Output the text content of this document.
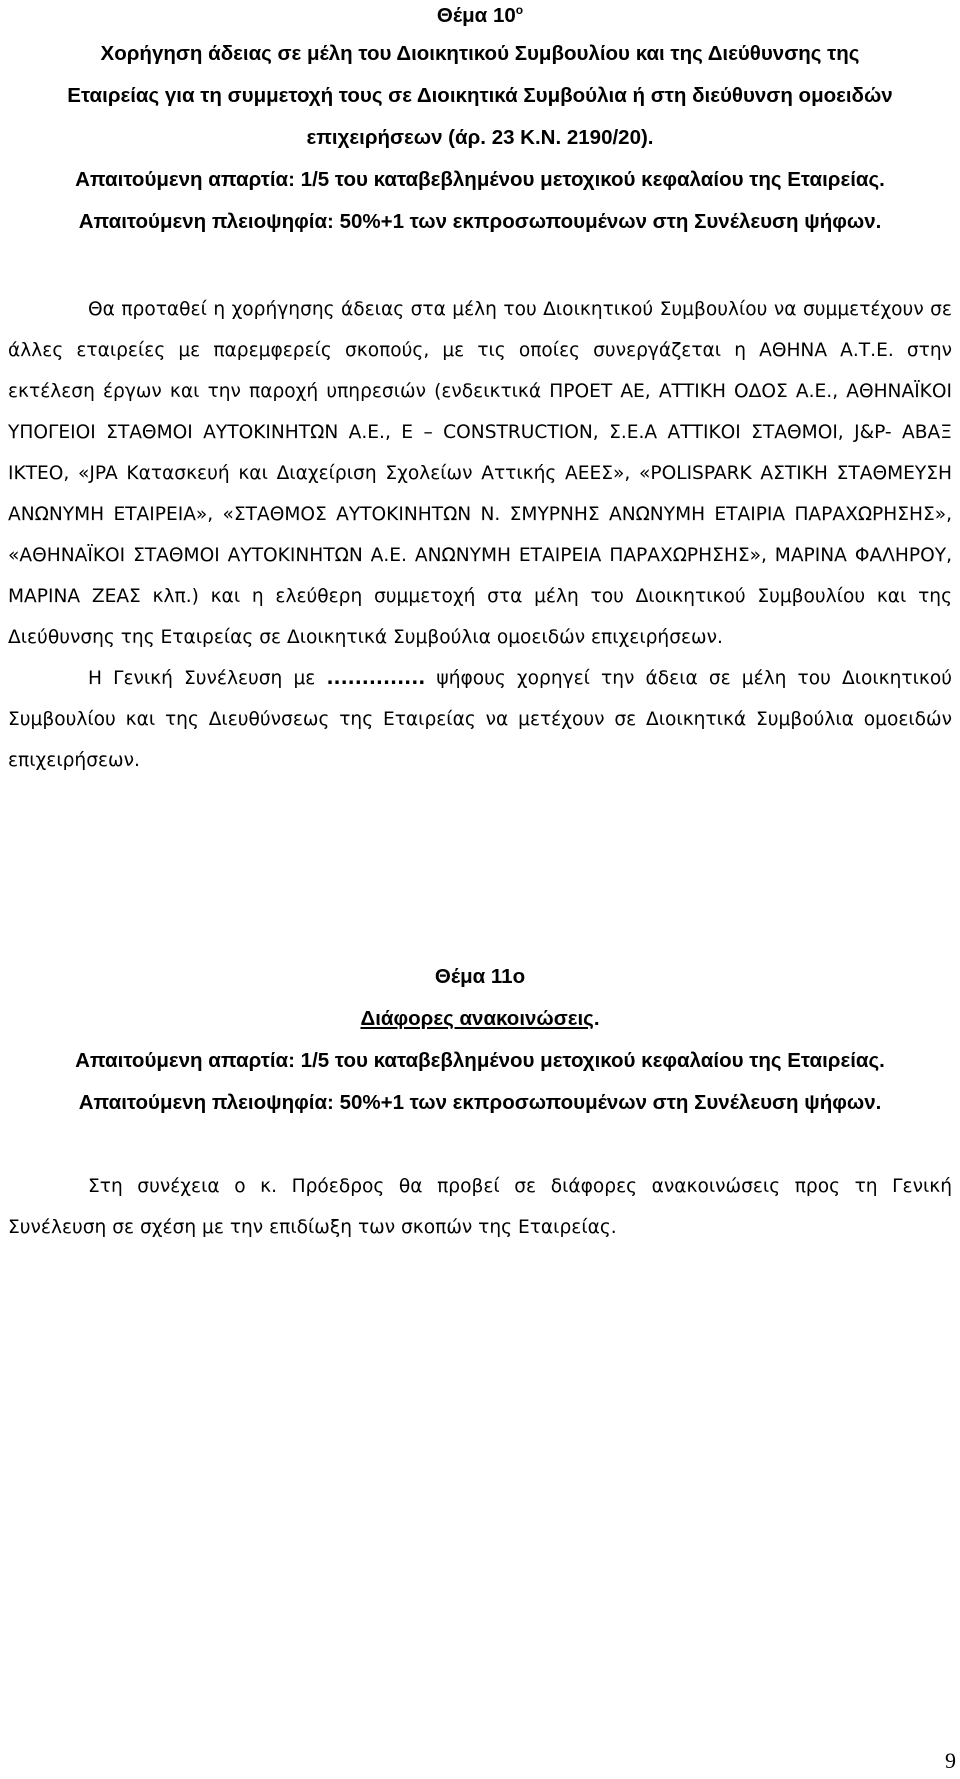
Θέμα $10^o$
Χορήγηση άδειας σε μέλη του Διοικητικού Συμβουλίου και της Διεύθυνσης της
Εταιρείας για τη συμμετοχή τους σε Διοικητικά Συμβούλια ή στη διεύθυνση ομοειδών
επιχειρήσεων (άρ. 23 Κ.Ν. 2190/20).
Απαιτούμενη απαρτία: 1/5 του καταβεβλημένου μετοχικού κεφαλαίου της Εταιρείας.
Απαιτούμενη πλειοψηφία: 50%+1 των εκπροσωπουμένων στη Συνέλευση ψήφων.

Θα προταθεί η χορήγησης άδειας στα μέλη του Διοικητικού Συμβουλίου να συμμετέχουν σε άλλες εταιρείες με παρεμφερείς σκοπούς, με τις οποίες συνεργάζεται η ΑΘΗΝΑ Α.Τ.Ε. στην εκτέλεση έργων και την παροχή υπηρεσιών (ενδεικτικά ΠΡΟΕΤ ΑΕ, ΑΤΤΙΚΗ ΟΔΟΣ Α.Ε., ΑΘΗΝΑΪΚΟΙ ΥΠΟΓΕΙΟΙ ΣΤΑΘΜΟΙ ΑΥΤΟΚΙΝΗΤΩΝ Α.Ε., Ε – CONSTRUCTION, Σ.Ε.Α ΑΤΤΙΚΟΙ ΣΤΑΘΜΟΙ, J&P- ΑΒΑΞ ΙΚΤΕΟ, «JPA Κατασκευή και Διαχείριση Σχολείων Αττικής ΑΕΕΣ», «POLISPARK ΑΣΤΙΚΗ ΣΤΑΘΜΕΥΣΗ ΑΝΩΝΥΜΗ ΕΤΑΙΡΕΙΑ», «ΣΤΑΘΜΟΣ ΑΥΤΟΚΙΝΗΤΩΝ Ν. ΣΜΥΡΝΗΣ ΑΝΩΝΥΜΗ ΕΤΑΙΡΙΑ ΠΑΡΑΧΩΡΗΣΗΣ», «ΑΘΗΝΑΪΚΟΙ ΣΤΑΘΜΟΙ ΑΥΤΟΚΙΝΗΤΩΝ Α.Ε. ΑΝΩΝΥΜΗ ΕΤΑΙΡΕΙΑ ΠΑΡΑΧΩΡΗΣΗΣ», ΜΑΡΙΝΑ ΦΑΛΗΡΟΥ, ΜΑΡΙΝΑ ΖΕΑΣ κλπ.) και η ελεύθερη συμμετοχή στα μέλη του Διοικητικού Συμβουλίου και της Διεύθυνσης της Εταιρείας σε Διοικητικά Συμβούλια ομοειδών επιχειρήσεων.

Η Γενική Συνέλευση με .............. ψήφους χορηγεί την άδεια σε μέλη του Διοικητικού Συμβουλίου και της Διευθύνσεως της Εταιρείας να μετέχουν σε Διοικητικά Συμβούλια ομοειδών επιχειρήσεων.

Θέμα 11ο
Διάφορες ανακοινώσεις.
Απαιτούμενη απαρτία: 1/5 του καταβεβλημένου μετοχικού κεφαλαίου της Εταιρείας.
Απαιτούμενη πλειοψηφία: 50%+1 των εκπροσωπουμένων στη Συνέλευση ψήφων.

Στη συνέχεια ο κ. Πρόεδρος θα προβεί σε διάφορες ανακοινώσεις προς τη Γενική Συνέλευση σε σχέση με την επιδίωξη των σκοπών της Εταιρείας.

9
